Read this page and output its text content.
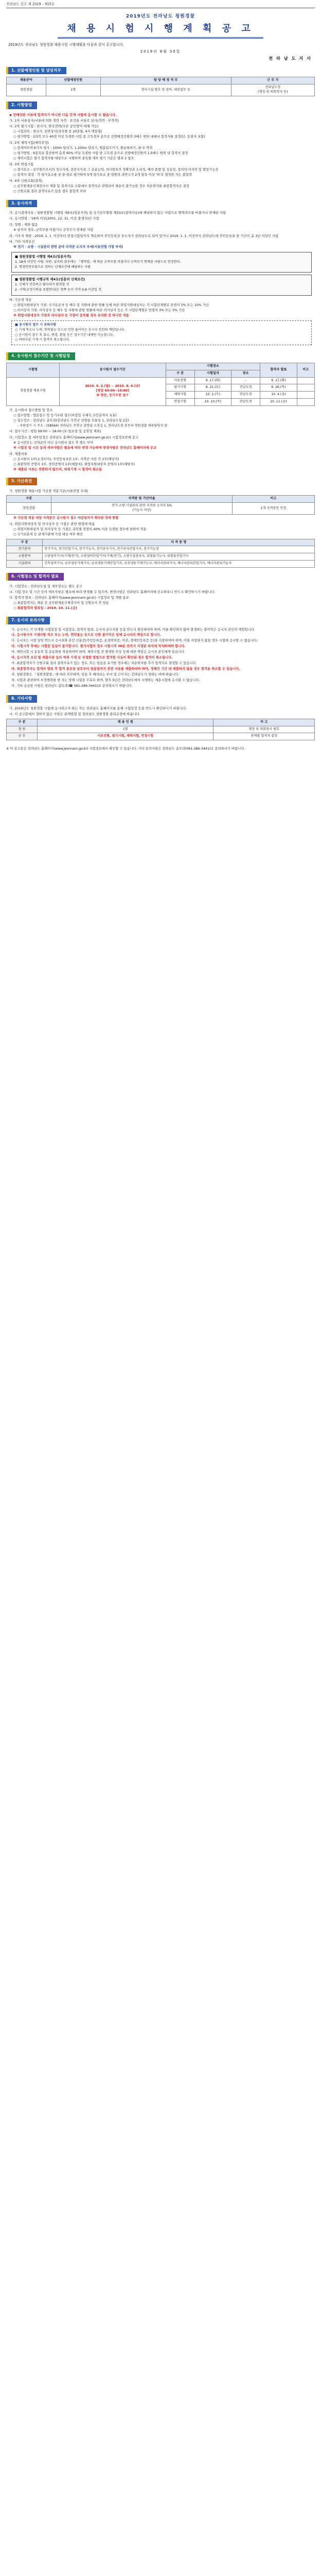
전라남도 공고 제 2019 – 915호
2019년도 전라남도 청원경찰
채 용 시 험 시 행 계 획 공 고
2019년도 전라남도 청원경찰 채용시험 시행계획을 다음과 같이 공고합니다.
2019년 8월 30일
전 라 남 도 지 사
1. 선발예정인원 및 담당직무
채용분야	선발예정인원	담 당 예 정 직 무	근 무 지
청원경찰	1명	청사시설 방호 및 경비, 대민업무 등	전라남도청
(행정 및 의회청사 등)
2. 시험방법
◆ 전배치된 서류에 합격자가 아니면 다음 단계 시험에 응시할 수 없습니다.
가. 1차 서류심사(서류에 의한 경력 자격 · 요건을 서류로 심사(적격 · 부적격)
나. 2차 필기시험 : 한국사, 한국전력(다른 공인영어 대체 가능)
○ 시험과목 : 한국사, 일반상식(과목별 문 20문항, 4지 택일형)
○ 평가방법 : 2과목 모두 40점 이상 득점한 사람 중 고득점자 순으로 선발예정인원의 3배수 범위 내에서 합격자를 결정(단, 동점자 포함)
다. 2차 체력시험(체력검정)
○ 합격여부의 6가지 평가 : 100m 달리기, 1,200m 달리기, 윗몸일으키기, 팔굽혀펴기, 좌·우 악력
○ 평가방법 : 6종목을 합산하여 총점 60% 이상 득점한 사람 중 고득점 순으로 선발예정인원의 1.5배수 범위 내 합격자 결정
○ 체력시험은 필기 합격자를 대상으로 시행하며 종목별 세부 평가 기준은 별표 2 참조
라. 3차 면접시험
○ 평가요소 : 공무원으로서의 정신자세, 전문지식과 그 응용능력, 의사발표의 정확성과 논리성, 예의·품행 및 성실성, 창의력·의지력 및 발전가능성
○ 합격자 결정 : 각 평가요소를 상·중·하로 평가하여 5개 평가요소 중 위원의 과반수가 2개 항목 이상 '하'로 평정한 자는 불합격
마. 4차 신원조회(결격)
○ 공무원채용신체검사서 제출 및 결격사유 조회에서 결격자로 판명되어 채용이 불가능한 경우 차순위자를 최종합격자로 결정
○ 신원조회 결과 결격사유가 있을 경우 불합격 처리
3. 응시자격
가. 응시결격사유 : 청원경찰법 시행령 제4조(임용자격) 및 국가공무원법 제33조(결격사유)에 해당하지 않는 사람으로 병역의무를 마쳤거나 면제된 사람
나. 응시연령 : '18세 이상(2001. 12. 31. 이전 출생자)인 사람
다. 성별 : 제한 없음
※ 남자의 경우, 군복무를 마쳤거나 군복무가 면제된 사람
라. 거주지 제한 : 2019. 1. 1. 이전부터 면접시험일까지 계속하여 주민등록상 주소지가 전라남도로 되어 있거나 2019. 1. 1. 이전까지 전라남도에 주민등록을 한 기간이 총 3년 이상인 사람
마. 기타 자격요건
※ 전기 · 소방 · 시설관리 관련 분야 자격증 소지자 우대(서류전형 가점 부여)
■ 청원경찰법 시행령 제4조(임용자격)

1. 18세 이상인 사람. 다만, 남자의 경우에는 「병역법」에 따른 군복무를 마쳤거나 군복무가 면제된 사람으로 한정한다.

2. 행정안전부령으로 정하는 신체조건에 해당하는 사람

■ 청원경찰법 시행규칙 제4조(임용의 신체조건)

1. 신체가 건강하고 팔다리가 완전할 것

2. 시력(교정시력을 포함한다)은 양쪽 눈이 각각 0.8 이상일 것

바. 가산점 적용
○ 취업지원대상자 가점: 국가유공자 등 예우 및 지원에 관한 법률 등에 따른 취업지원대상자는 각 시험단계별로 만점의 5% 또는 10% 가산
○ 의사상자 가점: 의사상자 등 예우 및 지원에 관한 법률에 따른 의사상자 등은 각 시험단계별로 만점의 3% 또는 5% 가산
※ 취업지원대상자 가점과 의사상자 등 가점이 중복될 경우 유리한 것 하나만 적용

■ 응시원서 접수 시 유의사항

○ 기재 착오나 누락, 연락불능 등으로 인한 불이익은 응시자 본인의 책임입니다.

○ 응시원서 접수 후 취소, 변경, 환불 등은 접수기간 내에만 가능합니다.

○ 허위사실 기재 시 합격이 취소됩니다.

4. 응시원서 접수기간 및 시험일정
시험명	응시원서 접수기간	시험장소			합격자 발표	비고
		구 분	시험일자	장소		
청원경찰 채용시험	2019. 9. 2.(월) ~ 2019. 9. 6.(금)
[평일 09:00~18:00]
※ 방문, 등기우편 접수	서류전형	9. 17.(화)	-	9. 17.(화)	
		필기시험	9. 21.(토)	전남도청	9. 26.(목)	
		체력시험	10. 2.(수)	전남도청	10. 4.(금)	
		면접시험	10. 10.(목)	전남도청	10. 11.(금)	
가. 응시원서 접수방법 및 장소
○ 접수방법 : 방문접수 및 등기우편 접수(마감일 우체국 소인분까지 유효)
○ 접수장소 : 전라남도 총무과(전라남도 무안군 삼향읍 오룡길 1, 전라남도청 2층)
- 우편접수 시 주소 : (58564) 전라남도 무안군 삼향읍 오룡길 1, 전라남도청 총무과 청원경찰 채용담당자 앞
나. 접수시간 : 평일 09:00 ~ 18:00 (토·일요일 및 공휴일 제외)
다. 시험장소 및 세부일정은 전라남도 홈페이지(www.jeonnam.go.kr) 시험정보란에 공고
※ 응시번호는 선착순이 아닌 응시원서 접수 후 별도 부여
※ 시험장 및 시간 등의 세부사항은 필요에 따라 변경 가능하며 변경사항은 전라남도 홈페이지에 공고
라. 제출서류
○ 응시원서 1부(소정서식), 주민등록초본 1부, 자격증 사본 각 1부(해당자)
○ 최종학력 증명서 1부, 경력증명서 1부(해당자), 취업지원대상자 증명서 1부(해당자)
※ 제출된 서류는 반환하지 않으며, 허위기재 시 합격이 취소됨
5. 가산특전
가. 청원경찰 채용시험 가산점 적용기준(서류전형 우대)
구분	자격증 및 가산비율	비고
청원경찰	전기·소방·시설관리 관련 자격증 소지자 5%
(기능사 이상)	1개 자격증만 인정
※ 가산점 적용 대상 자격증은 응시원서 접수 마감일까지 취득한 것에 한함
나. 취업지원대상자 및 의사상자 등 가점은 관련 법령에 따름
○ 취업지원대상자 및 의사상자 등 가점은 과목별 만점의 40% 이상 득점한 경우에 한하여 적용
○ 국가보훈처 등 관계기관에 가점 대상 여부 확인
구 분	자 격 증 명
전기분야	전기기사, 전기산업기사, 전기기능사, 전기공사기사, 전기공사산업기사, 전기기능장
소방분야	소방설비기사(기계/전기), 소방설비산업기사(기계/전기), 소방시설관리사, 위험물기능사, 위험물산업기사
시설관리	건축설비기사, 공조냉동기계기사, 공조냉동기계산업기사, 공조냉동기계기능사, 에너지관리기사, 에너지관리산업기사, 에너지관리기능사
6. 시험장소 및 합격자 발표
가. 시험장소 : 전라남도청 및 세부장소는 별도 공고
나. 시험 장소 및 시간 등의 세부사항은 필요에 따라 변경될 수 있으며, 변경사항은 전라남도 홈페이지에 공고하오니 반드시 확인하시기 바랍니다.
다. 합격자 발표 : 전라남도 홈페이지(www.jeonnam.go.kr) 시험정보 및 개별 통보
○ 최종합격자는 채용 전 공무원채용신체검사서 및 신원조사 후 임용
○ 최종합격자 발표일 : 2019. 10. 11.(금)
7. 응시자 유의사항

가. 응시자는 각 단계별 시험일정 및 시험장소, 합격자 발표, 응시자 준수사항 등을 반드시 확인하여야 하며, 이를 확인하지 않아 발생하는 불이익은 응시자 본인의 책임입니다.

나. 응시원서의 기재사항 착오 또는 누락, 연락불능 등으로 인한 불이익은 일체 응시자의 책임으로 합니다.

다. 응시자는 시험 당일 반드시 응시표와 본인 신분증(주민등록증, 운전면허증, 여권, 장애인등록증 등)을 지참하여야 하며, 이를 지참하지 않을 경우 시험에 응시할 수 없습니다.

라. 시험시작 후에는 시험장 입실이 불가합니다. 필기시험의 경우 시험시작 30분 전까지 지정된 좌석에 착석하여야 합니다.

마. 체력시험 시 운동복 및 운동화를 착용하여야 하며, 체력시험 중 발생한 부상 등에 대한 책임은 응시자 본인에게 있습니다.

바. 응시자격 요건 및 제출서류 등의 허위 기재 등 부정한 방법으로 합격한 사실이 확인된 경우 합격이 취소됩니다.

사. 최종합격자가 신원조회 결과 결격사유가 있는 경우, 또는 임용을 포기한 경우에는 차순위자를 추가 합격자로 결정할 수 있습니다.

아. 최종합격자는 합격자 발표 후 합격 통보된 날로부터 임용일까지 관련 서류를 제출하여야 하며, 정해진 기간 내 제출하지 않을 경우 합격을 취소할 수 있습니다.

자. 청원경찰은 「청원경찰법」에 따라 복무하며, 임용 후 배치되는 부서 및 근무지는 전라남도가 정하는 바에 따릅니다.

차. 시험과 관련하여 부정행위를 한 자는 당해 시험을 무효로 하며, 향후 5년간 전라남도에서 시행하는 채용시험에 응시할 수 없습니다.

카. 기타 궁금한 사항은 전라남도 총무과(☎ 061-286-3441)로 문의하시기 바랍니다.

8. 기타사항
가. 2019년도 청원경찰 시험에 응시하고자 하는 자는 전라남도 홈페이지를 통해 시험일정 등을 반드시 확인하시기 바랍니다.
나. 이 공고문에서 정하지 않은 사항은 관계법령 및 전라남도 청원경찰 관리규정에 따릅니다.
구 분	채 용 인 원	비 고
청 원	1명	행정 및 의회청사 방호
공 무	서류전형, 필기시험, 체력시험, 면접시험	단계별 합격자 결정
※ 이 공고문은 전라남도 홈페이지(www.jeonnam.go.kr) 시험정보에서 확인할 수 있습니다. 기타 문의사항은 전라남도 총무과(061-286-3441)로 문의하시기 바랍니다.
